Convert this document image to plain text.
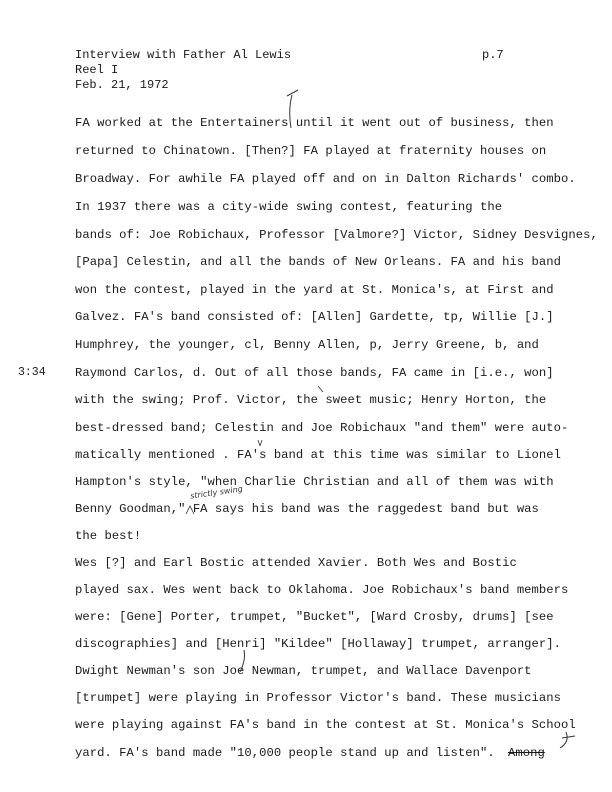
Interview with Father Al Lewis
Reel I
Feb. 21, 1972
p.7
3:34
FA worked at the Entertainers until it went out of business, then
returned to Chinatown. [Then?] FA played at fraternity houses on
Broadway. For awhile FA played off and on in Dalton Richards' combo.
In 1937 there was a city-wide swing contest, featuring the
bands of: Joe Robichaux, Professor [Valmore?] Victor, Sidney Desvignes,
[Papa] Celestin, and all the bands of New Orleans. FA and his band
won the contest, played in the yard at St. Monica's, at First and
Galvez. FA's band consisted of: [Allen] Gardette, tp, Willie [J.]
Humphrey, the younger, cl, Benny Allen, p, Jerry Greene, b, and
Raymond Carlos, d. Out of all those bands, FA came in [i.e., won]
with the swing; Prof. Victor, the sweet music; Henry Horton, the
best-dressed band; Celestin and Joe Robichaux "and them" were auto-
matically mentioned . FA's band at this time was similar to Lionel
Hampton's style, "when Charlie Christian and all of them was with
Benny Goodman," FA says his band was the raggedest band but was
the best!
Wes [?] and Earl Bostic attended Xavier. Both Wes and Bostic
played sax. Wes went back to Oklahoma. Joe Robichaux's band members
were: [Gene] Porter, trumpet, "Bucket", [Ward Crosby, drums] [see
discographies] and [Henri] "Kildee" [Hollaway] trumpet, arranger].
Dwight Newman's son Joe Newman, trumpet, and Wallace Davenport
[trumpet] were playing in Professor Victor's band. These musicians
were playing against FA's band in the contest at St. Monica's School
yard. FA's band made "10,000 people stand up and listen". Among
strictly swing
